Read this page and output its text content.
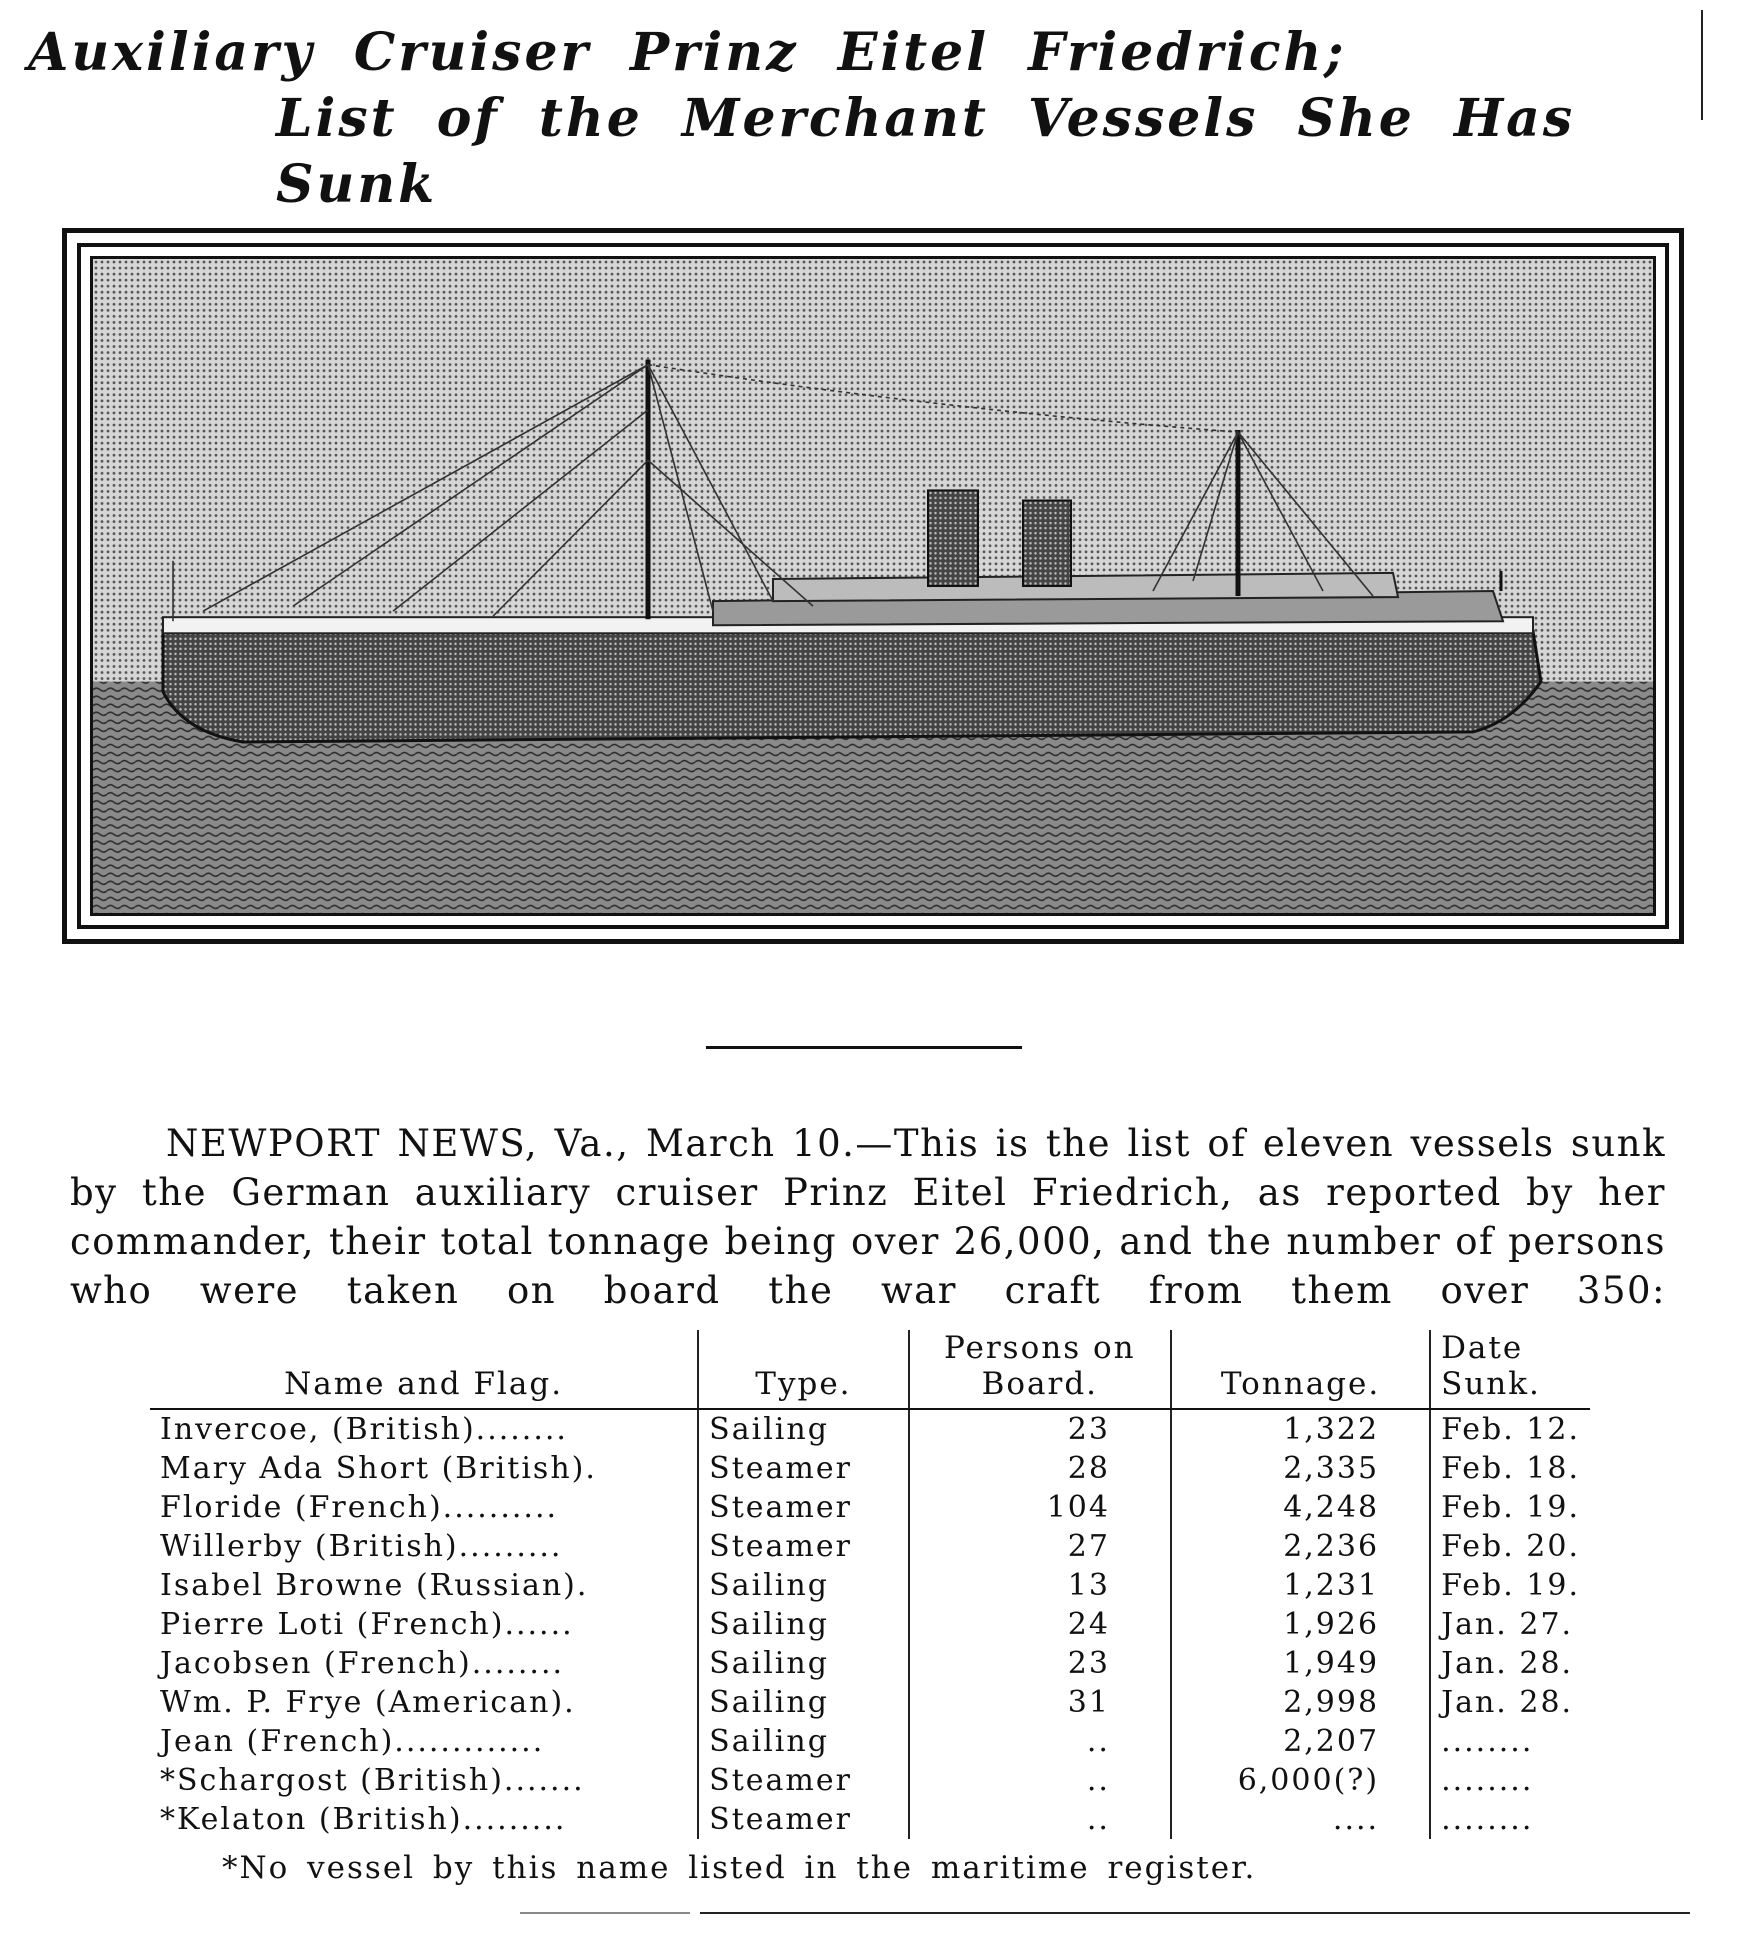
Auxiliary Cruiser Prinz Eitel Friedrich;
List of the Merchant Vessels She Has Sunk

NEWPORT NEWS, Va., March 10.—This is the list of eleven vessels sunk by the German auxiliary cruiser Prinz Eitel Friedrich, as reported by her commander, their total tonnage being over 26,000, and the number of persons who were taken on board the war craft from them over 350:

Name and Flag.	Type.	Persons on Board.	Tonnage.	Date Sunk.
Invercoe, (British)........	Sailing	23	1,322	Feb. 12.
Mary Ada Short (British).	Steamer	28	2,335	Feb. 18.
Floride (French)..........	Steamer	104	4,248	Feb. 19.
Willerby (British).........	Steamer	27	2,236	Feb. 20.
Isabel Browne (Russian).	Sailing	13	1,231	Feb. 19.
Pierre Loti (French)......	Sailing	24	1,926	Jan. 27.
Jacobsen (French)........	Sailing	23	1,949	Jan. 28.
Wm. P. Frye (American).	Sailing	31	2,998	Jan. 28.
Jean (French).............	Sailing	..	2,207	........
*Schargost (British).......	Steamer	..	6,000(?)	........
*Kelaton (British).........	Steamer	..	....	........
*No vessel by this name listed in the maritime register.
